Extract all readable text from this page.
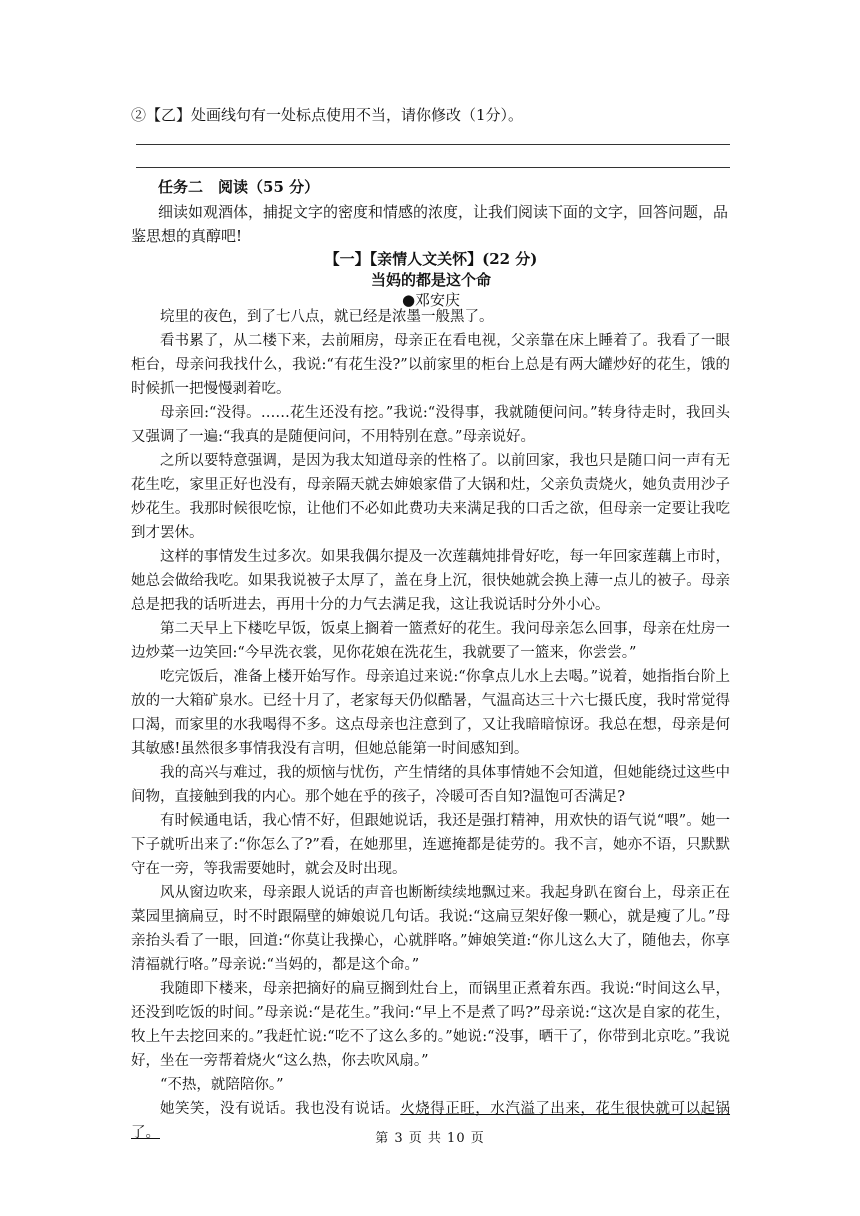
②【乙】处画线句有一处标点使用不当，请你修改（1分）。
任务二　阅读（55 分）
细读如观酒体，捕捉文字的密度和情感的浓度，让我们阅读下面的文字，回答问题，品鉴思想的真醇吧!
【一】【亲情人文关怀】(22 分)
当妈的都是这个命
●邓安庆

垸里的夜色，到了七八点，就已经是浓墨一般黑了。

看书累了，从二楼下来，去前厢房，母亲正在看电视，父亲靠在床上睡着了。我看了一眼柜台，母亲问我找什么，我说:“有花生没?”以前家里的柜台上总是有两大罐炒好的花生，饿的时候抓一把慢慢剥着吃。

母亲回:“没得。……花生还没有挖。”我说:“没得事，我就随便问问。”转身待走时，我回头又强调了一遍:“我真的是随便问问，不用特别在意。”母亲说好。

之所以要特意强调，是因为我太知道母亲的性格了。以前回家，我也只是随口问一声有无花生吃，家里正好也没有，母亲隔天就去婶娘家借了大锅和灶，父亲负责烧火，她负责用沙子炒花生。我那时候很吃惊，让他们不必如此费功夫来满足我的口舌之欲，但母亲一定要让我吃到才罢休。

这样的事情发生过多次。如果我偶尔提及一次莲藕炖排骨好吃，每一年回家莲藕上市时，她总会做给我吃。如果我说被子太厚了，盖在身上沉，很快她就会换上薄一点儿的被子。母亲总是把我的话听进去，再用十分的力气去满足我，这让我说话时分外小心。

第二天早上下楼吃早饭，饭桌上搁着一篮煮好的花生。我问母亲怎么回事，母亲在灶房一边炒菜一边笑回:“今早洗衣裳，见你花娘在洗花生，我就要了一篮来，你尝尝。”

吃完饭后，准备上楼开始写作。母亲追过来说:“你拿点儿水上去喝。”说着，她指指台阶上放的一大箱矿泉水。已经十月了，老家每天仍似酷暑，气温高达三十六七摄氏度，我时常觉得口渴，而家里的水我喝得不多。这点母亲也注意到了，又让我暗暗惊讶。我总在想，母亲是何其敏感!虽然很多事情我没有言明，但她总能第一时间感知到。

我的高兴与难过，我的烦恼与忧伤，产生情绪的具体事情她不会知道，但她能绕过这些中间物，直接触到我的内心。那个她在乎的孩子，冷暖可否自知?温饱可否满足?

有时候通电话，我心情不好，但跟她说话，我还是强打精神，用欢快的语气说“喂”。她一下子就听出来了:“你怎么了?”看，在她那里，连遮掩都是徒劳的。我不言，她亦不语，只默默守在一旁，等我需要她时，就会及时出现。

风从窗边吹来，母亲跟人说话的声音也断断续续地飘过来。我起身趴在窗台上，母亲正在菜园里摘扁豆，时不时跟隔壁的婶娘说几句话。我说:“这扁豆架好像一颗心，就是瘦了儿。”母亲抬头看了一眼，回道:“你莫让我操心，心就胖咯。”婶娘笑道:“你儿这么大了，随他去，你享清福就行咯。”母亲说:“当妈的，都是这个命。”

我随即下楼来，母亲把摘好的扁豆搁到灶台上，而锅里正煮着东西。我说:“时间这么早，还没到吃饭的时间。”母亲说:“是花生。”我问:“早上不是煮了吗?”母亲说:“这次是自家的花生，牧上午去挖回来的。”我赶忙说:“吃不了这么多的。”她说:“没事，晒干了，你带到北京吃。”我说好，坐在一旁帮着烧火“这么热，你去吹风扇。”

“不热，就陪陪你。”

她笑笑，没有说话。我也没有说话。火烧得正旺，水汽溢了出来，花生很快就可以起锅了。	第 3 页 共 10 页
